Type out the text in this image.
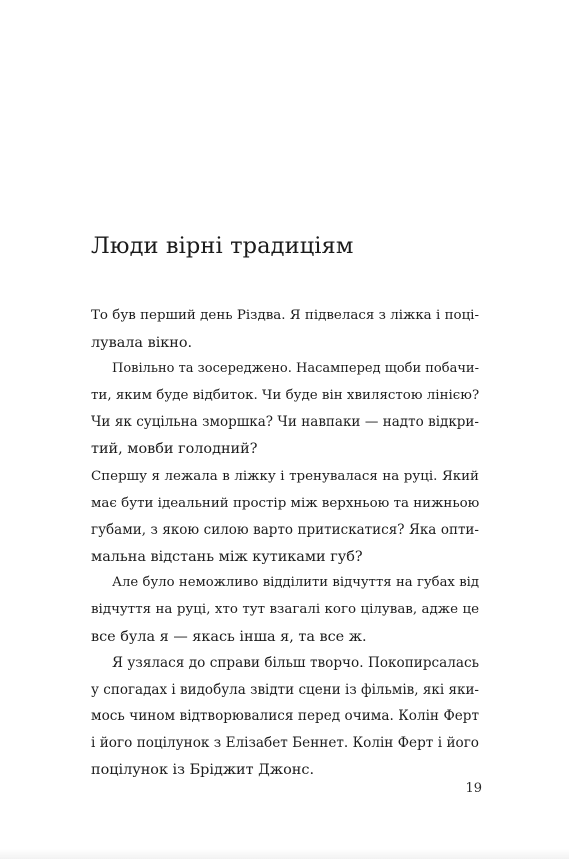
Люди вірні традиціям
То був перший день Різдва. Я підвелася з ліжка і поці-
лувала вікно.
Повільно та зосереджено. Насамперед щоби побачи-
ти, яким буде відбиток. Чи буде він хвилястою лінією?
Чи як суцільна зморшка? Чи навпаки — надто відкри-
тий, мовби голодний?
Спершу я лежала в ліжку і тренувалася на руці. Який
має бути ідеальний простір між верхньою та нижньою
губами, з якою силою варто притискатися? Яка опти-
мальна відстань між кутиками губ?
Але було неможливо відділити відчуття на губах від
відчуття на руці, хто тут взагалі кого цілував, адже це
все була я — якась інша я, та все ж.
Я узялася до справи більш творчо. Покопирсалась
у спогадах і видобула звідти сцени із фільмів, які яки-
мось чином відтворювалися перед очима. Колін Ферт
і його поцілунок з Елізабет Беннет. Колін Ферт і його
поцілунок із Бріджит Джонс.
19
